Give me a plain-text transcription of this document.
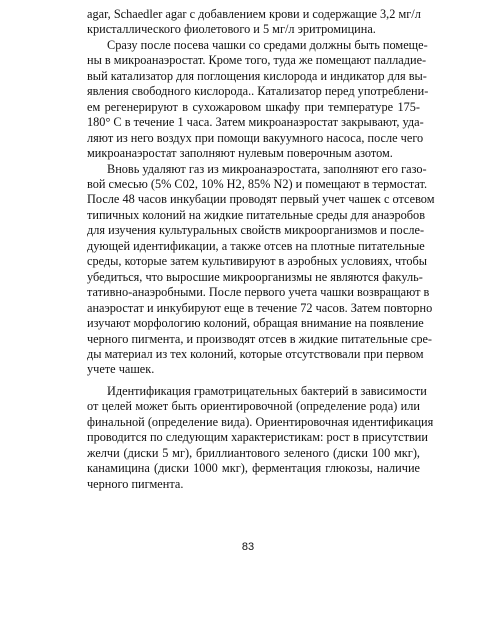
agar, Schaedler agar с добавлением крови и содержащие 3,2 мг/л
кристаллического фиолетового и 5 мг/л эритромицина.

Сразу после посева чашки со средами должны быть помеще-
ны в микроанаэростат. Кроме того, туда же помещают палладие-
вый катализатор для поглощения кислорода и индикатор для вы-
явления свободного кислорода.. Катализатор перед употреблени-
ем регенерируют в сухожаровом шкафу при температуре 175-
180° С в течение 1 часа. Затем микроанаэростат закрывают, уда-
ляют из него воздух при помощи вакуумного насоса, после чего
микроанаэростат заполняют нулевым поверочным азотом.

Вновь удаляют газ из микроанаэростата, заполняют его газо-
вой смесью (5% С02, 10% Н2, 85% N2) и помещают в термостат.
После 48 часов инкубации проводят первый учет чашек с отсевом
типичных колоний на жидкие питательные среды для анаэробов
для изучения культуральных свойств микроорганизмов и после-
дующей идентификации, а также отсев на плотные питательные
среды, которые затем культивируют в аэробных условиях, чтобы
убедиться, что выросшие микроорганизмы не являются факуль-
тативно-анаэробными. После первого учета чашки возвращают в
анаэростат и инкубируют еще в течение 72 часов. Затем повторно
изучают морфологию колоний, обращая внимание на появление
черного пигмента, и производят отсев в жидкие питательные сре-
ды материал из тех колоний, которые отсутствовали при первом
учете чашек.

Идентификация грамотрицательных бактерий в зависимости
от целей может быть ориентировочной (определение рода) или
финальной (определение вида). Ориентировочная идентификация
проводится по следующим характеристикам: рост в присутствии
желчи (диски 5 мг), бриллиантового зеленого (диски 100 мкг),
канамицина (диски 1000 мкг), ферментация глюкозы, наличие
черного пигмента.

83
